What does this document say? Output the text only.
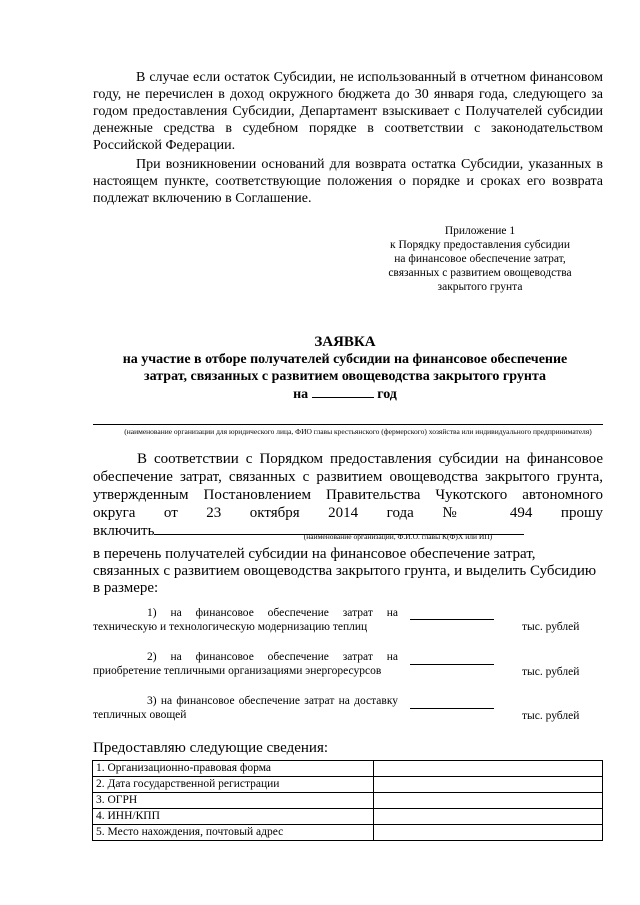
В случае если остаток Субсидии, не использованный в отчетном финансовом году, не перечислен в доход окружного бюджета до 30 января года, следующего за годом предоставления Субсидии, Департамент взыскивает с Получателей субсидии денежные средства в судебном порядке в соответствии с законодательством Российской Федерации.

При возникновении оснований для возврата остатка Субсидии, указанных в настоящем пункте, соответствующие положения о порядке и сроках его возврата подлежат включению в Соглашение.

Приложение 1
к Порядку предоставления субсидии
на финансовое обеспечение затрат,
связанных с развитием овощеводства
закрытого грунта
ЗАЯВКА
на участие в отборе получателей субсидии на финансовое обеспечение
затрат, связанных с развитием овощеводства закрытого грунта
на	год
(наименование организации для юридического лица, ФИО главы крестьянского (фермерского) хозяйства или индивидуального предпринимателя)
В соответствии с Порядком предоставления субсидии на финансовое
обеспечение затрат, связанных с развитием овощеводства закрытого грунта,
утвержденным Постановлением Правительства Чукотского автономного
округа от 23 октября 2014 года № 494 прошу
включить	(наименование организации, Ф.И.О. главы К(Ф)Х или ИП)
в перечень получателей субсидии на финансовое обеспечение затрат,
связанных с развитием овощеводства закрытого грунта, и выделить Субсидию
в размере:
1) на финансовое обеспечение затрат на техническую и технологическую модернизацию теплиц	тыс. рублей
2) на финансовое обеспечение затрат на приобретение тепличными организациями энергоресурсов	тыс. рублей
3) на финансовое обеспечение затрат на доставку тепличных овощей	тыс. рублей
Предоставляю следующие сведения:
1. Организационно-правовая форма	
2. Дата государственной регистрации	
3. ОГРН	
4. ИНН/КПП	
5. Место нахождения, почтовый адрес	
